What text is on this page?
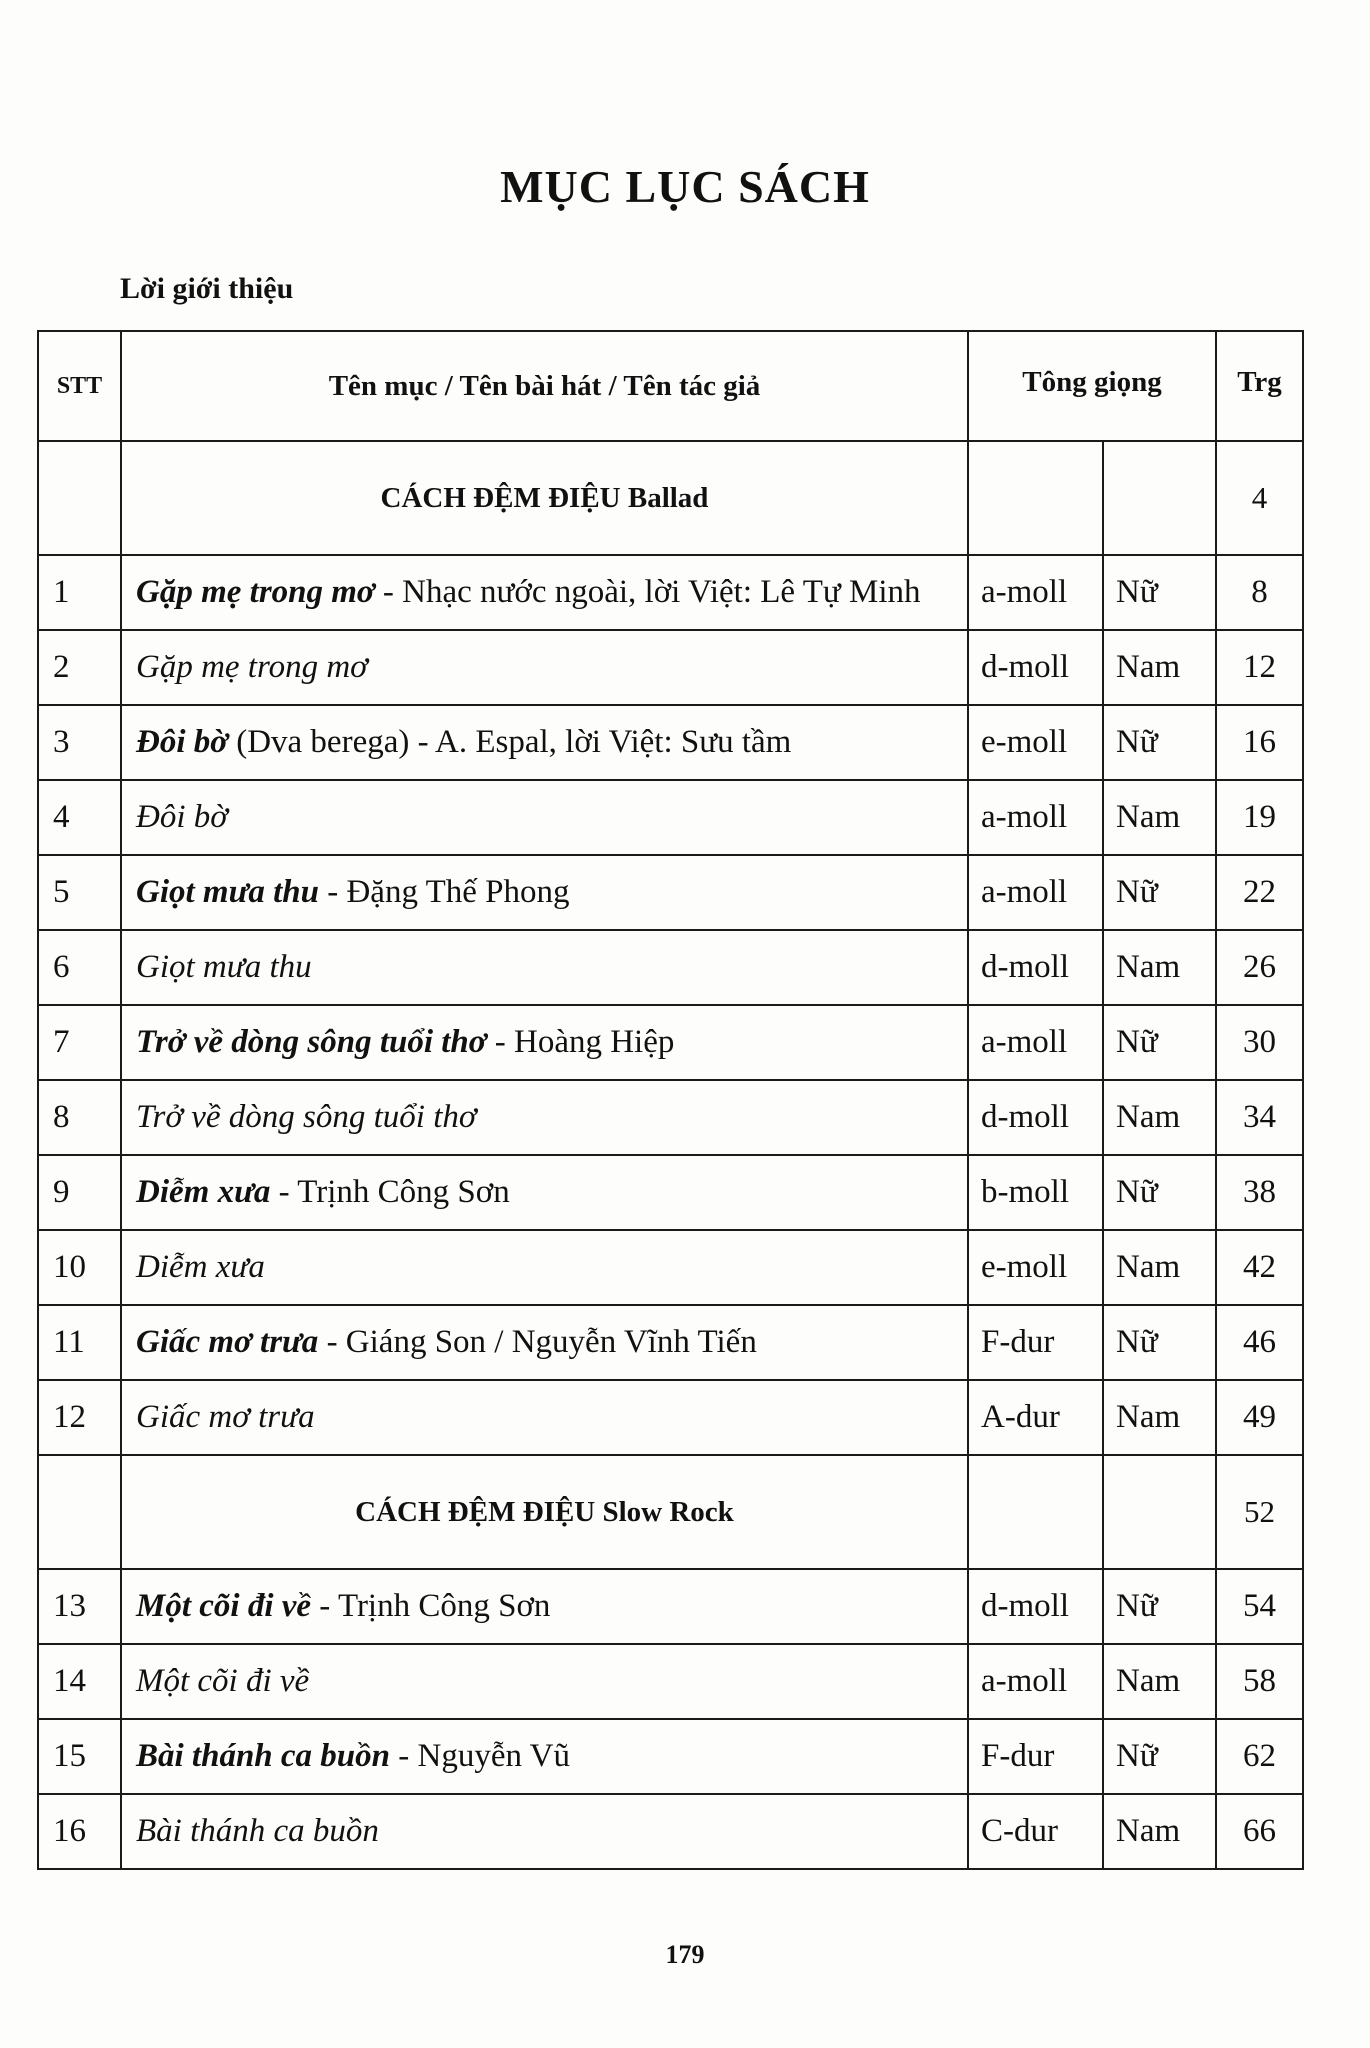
MỤC LỤC SÁCH
Lời giới thiệu
STT	Tên mục / Tên bài hát / Tên tác giả	Tông giọng		Trg
	CÁCH ĐỆM ĐIỆU Ballad			4
1	Gặp mẹ trong mơ - Nhạc nước ngoài, lời Việt: Lê Tự Minh	a-moll	Nữ	8
2	Gặp mẹ trong mơ	d-moll	Nam	12
3	Đôi bờ (Dva berega) - A. Espal, lời Việt: Sưu tầm	e-moll	Nữ	16
4	Đôi bờ	a-moll	Nam	19
5	Giọt mưa thu - Đặng Thế Phong	a-moll	Nữ	22
6	Giọt mưa thu	d-moll	Nam	26
7	Trở về dòng sông tuổi thơ - Hoàng Hiệp	a-moll	Nữ	30
8	Trở về dòng sông tuổi thơ	d-moll	Nam	34
9	Diễm xưa - Trịnh Công Sơn	b-moll	Nữ	38
10	Diễm xưa	e-moll	Nam	42
11	Giấc mơ trưa - Giáng Son / Nguyễn Vĩnh Tiến	F-dur	Nữ	46
12	Giấc mơ trưa	A-dur	Nam	49
	CÁCH ĐỆM ĐIỆU Slow Rock			52
13	Một cõi đi về - Trịnh Công Sơn	d-moll	Nữ	54
14	Một cõi đi về	a-moll	Nam	58
15	Bài thánh ca buồn - Nguyễn Vũ	F-dur	Nữ	62
16	Bài thánh ca buồn	C-dur	Nam	66
179
